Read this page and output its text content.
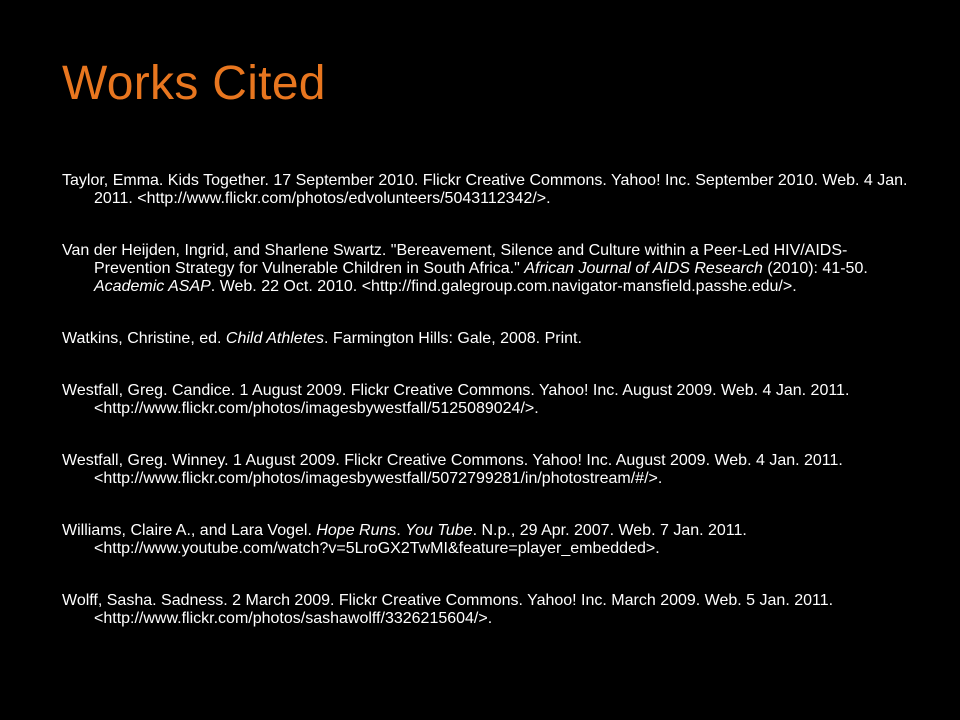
Works Cited
Taylor, Emma. Kids Together. 17 September 2010. Flickr Creative Commons. Yahoo! Inc. September 2010. Web. 4 Jan. 2011. <http://www.flickr.com/photos/edvolunteers/5043112342/>.
Van der Heijden, Ingrid, and Sharlene Swartz. "Bereavement, Silence and Culture within a Peer-Led HIV/AIDS-Prevention Strategy for Vulnerable Children in South Africa." African Journal of AIDS Research (2010): 41-50. Academic ASAP. Web. 22 Oct. 2010. <http://find.galegroup.com.navigator-mansfield.passhe.edu/>.
Watkins, Christine, ed. Child Athletes. Farmington Hills: Gale, 2008. Print.
Westfall, Greg. Candice. 1 August 2009. Flickr Creative Commons. Yahoo! Inc. August 2009. Web. 4 Jan. 2011. <http://www.flickr.com/photos/imagesbywestfall/5125089024/>.
Westfall, Greg. Winney. 1 August 2009. Flickr Creative Commons. Yahoo! Inc. August 2009. Web. 4 Jan. 2011. <http://www.flickr.com/photos/imagesbywestfall/5072799281/in/photostream/#/>.
Williams, Claire A., and Lara Vogel. Hope Runs. You Tube. N.p., 29 Apr. 2007. Web. 7 Jan. 2011. <http://www.youtube.com/watch?v=5LroGX2TwMI&feature=player_embedded>.
Wolff, Sasha. Sadness. 2 March 2009. Flickr Creative Commons. Yahoo! Inc. March 2009. Web. 5 Jan. 2011. <http://www.flickr.com/photos/sashawolff/3326215604/>.
